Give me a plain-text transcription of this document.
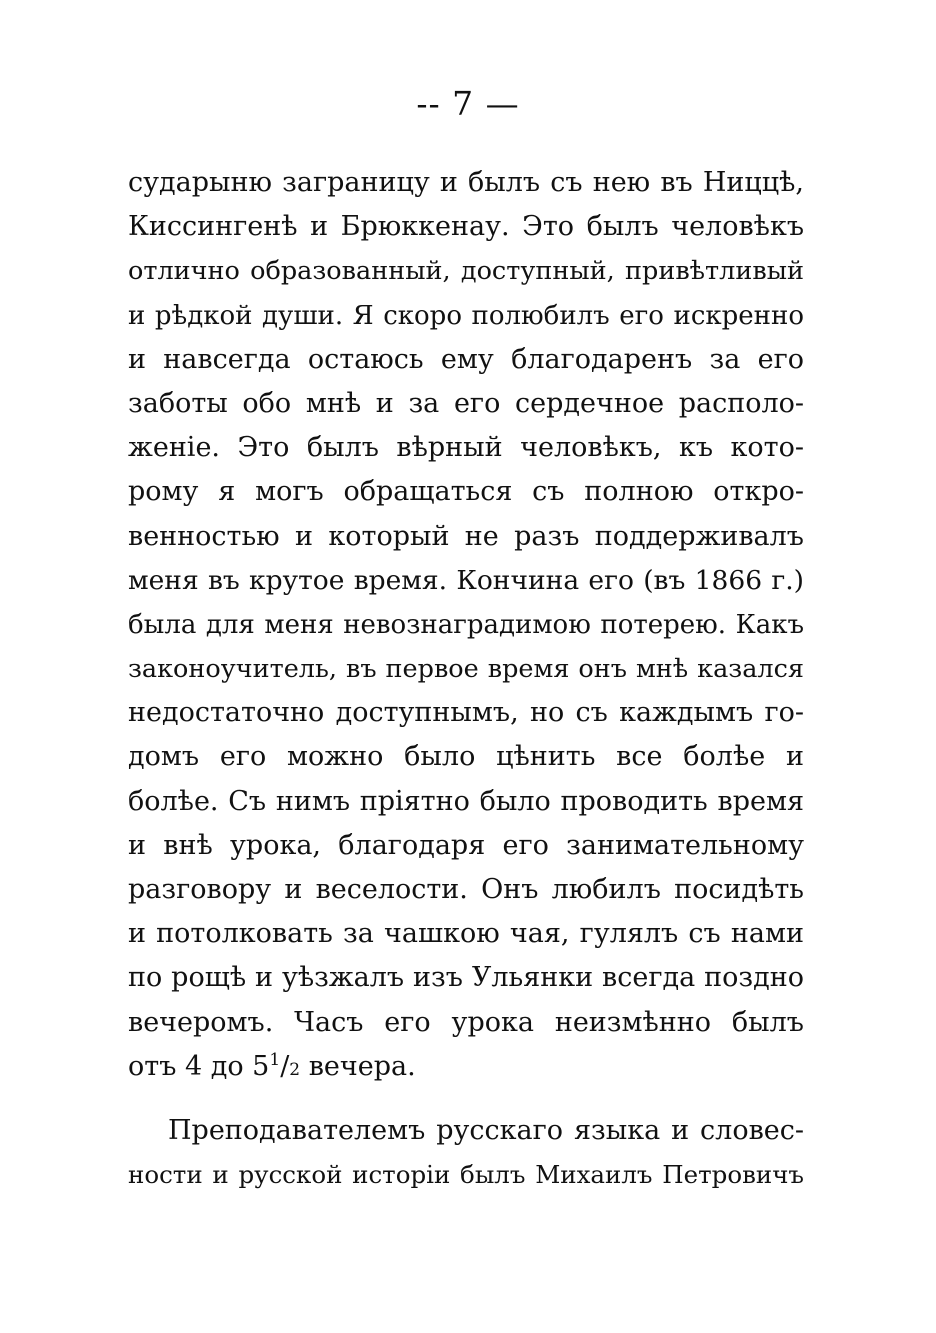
-- 7 —
сударыню заграницу и былъ съ нею въ Ниццѣ,
Киссингенѣ и Брюккенау. Это былъ человѣкъ
отлично образованный, доступный, привѣтливый
и рѣдкой души. Я скоро полюбилъ его искренно
и навсегда остаюсь ему благодаренъ за его
заботы обо мнѣ и за его сердечное располо-
женіе. Это былъ вѣрный человѣкъ, къ кото-
рому я могъ обращаться съ полною откро-
венностью и который не разъ поддерживалъ
меня въ крутое время. Кончина его (въ 1866 г.)
была для меня невознаградимою потерею. Какъ
законоучитель, въ первое время онъ мнѣ казался
недостаточно доступнымъ, но съ каждымъ го-
домъ его можно было цѣнить все болѣе и
болѣе. Съ нимъ пріятно было проводить время
и внѣ урока, благодаря его занимательному
разговору и веселости. Онъ любилъ посидѣть
и потолковать за чашкою чая, гулялъ съ нами
по рощѣ и уѣзжалъ изъ Ульянки всегда поздно
вечеромъ. Часъ его урока неизмѣнно былъ
отъ 4 до $5^1/2$ вечера.
Преподавателемъ русскаго языка и словес-
ности и русской исторіи былъ Михаилъ Петровичъ
